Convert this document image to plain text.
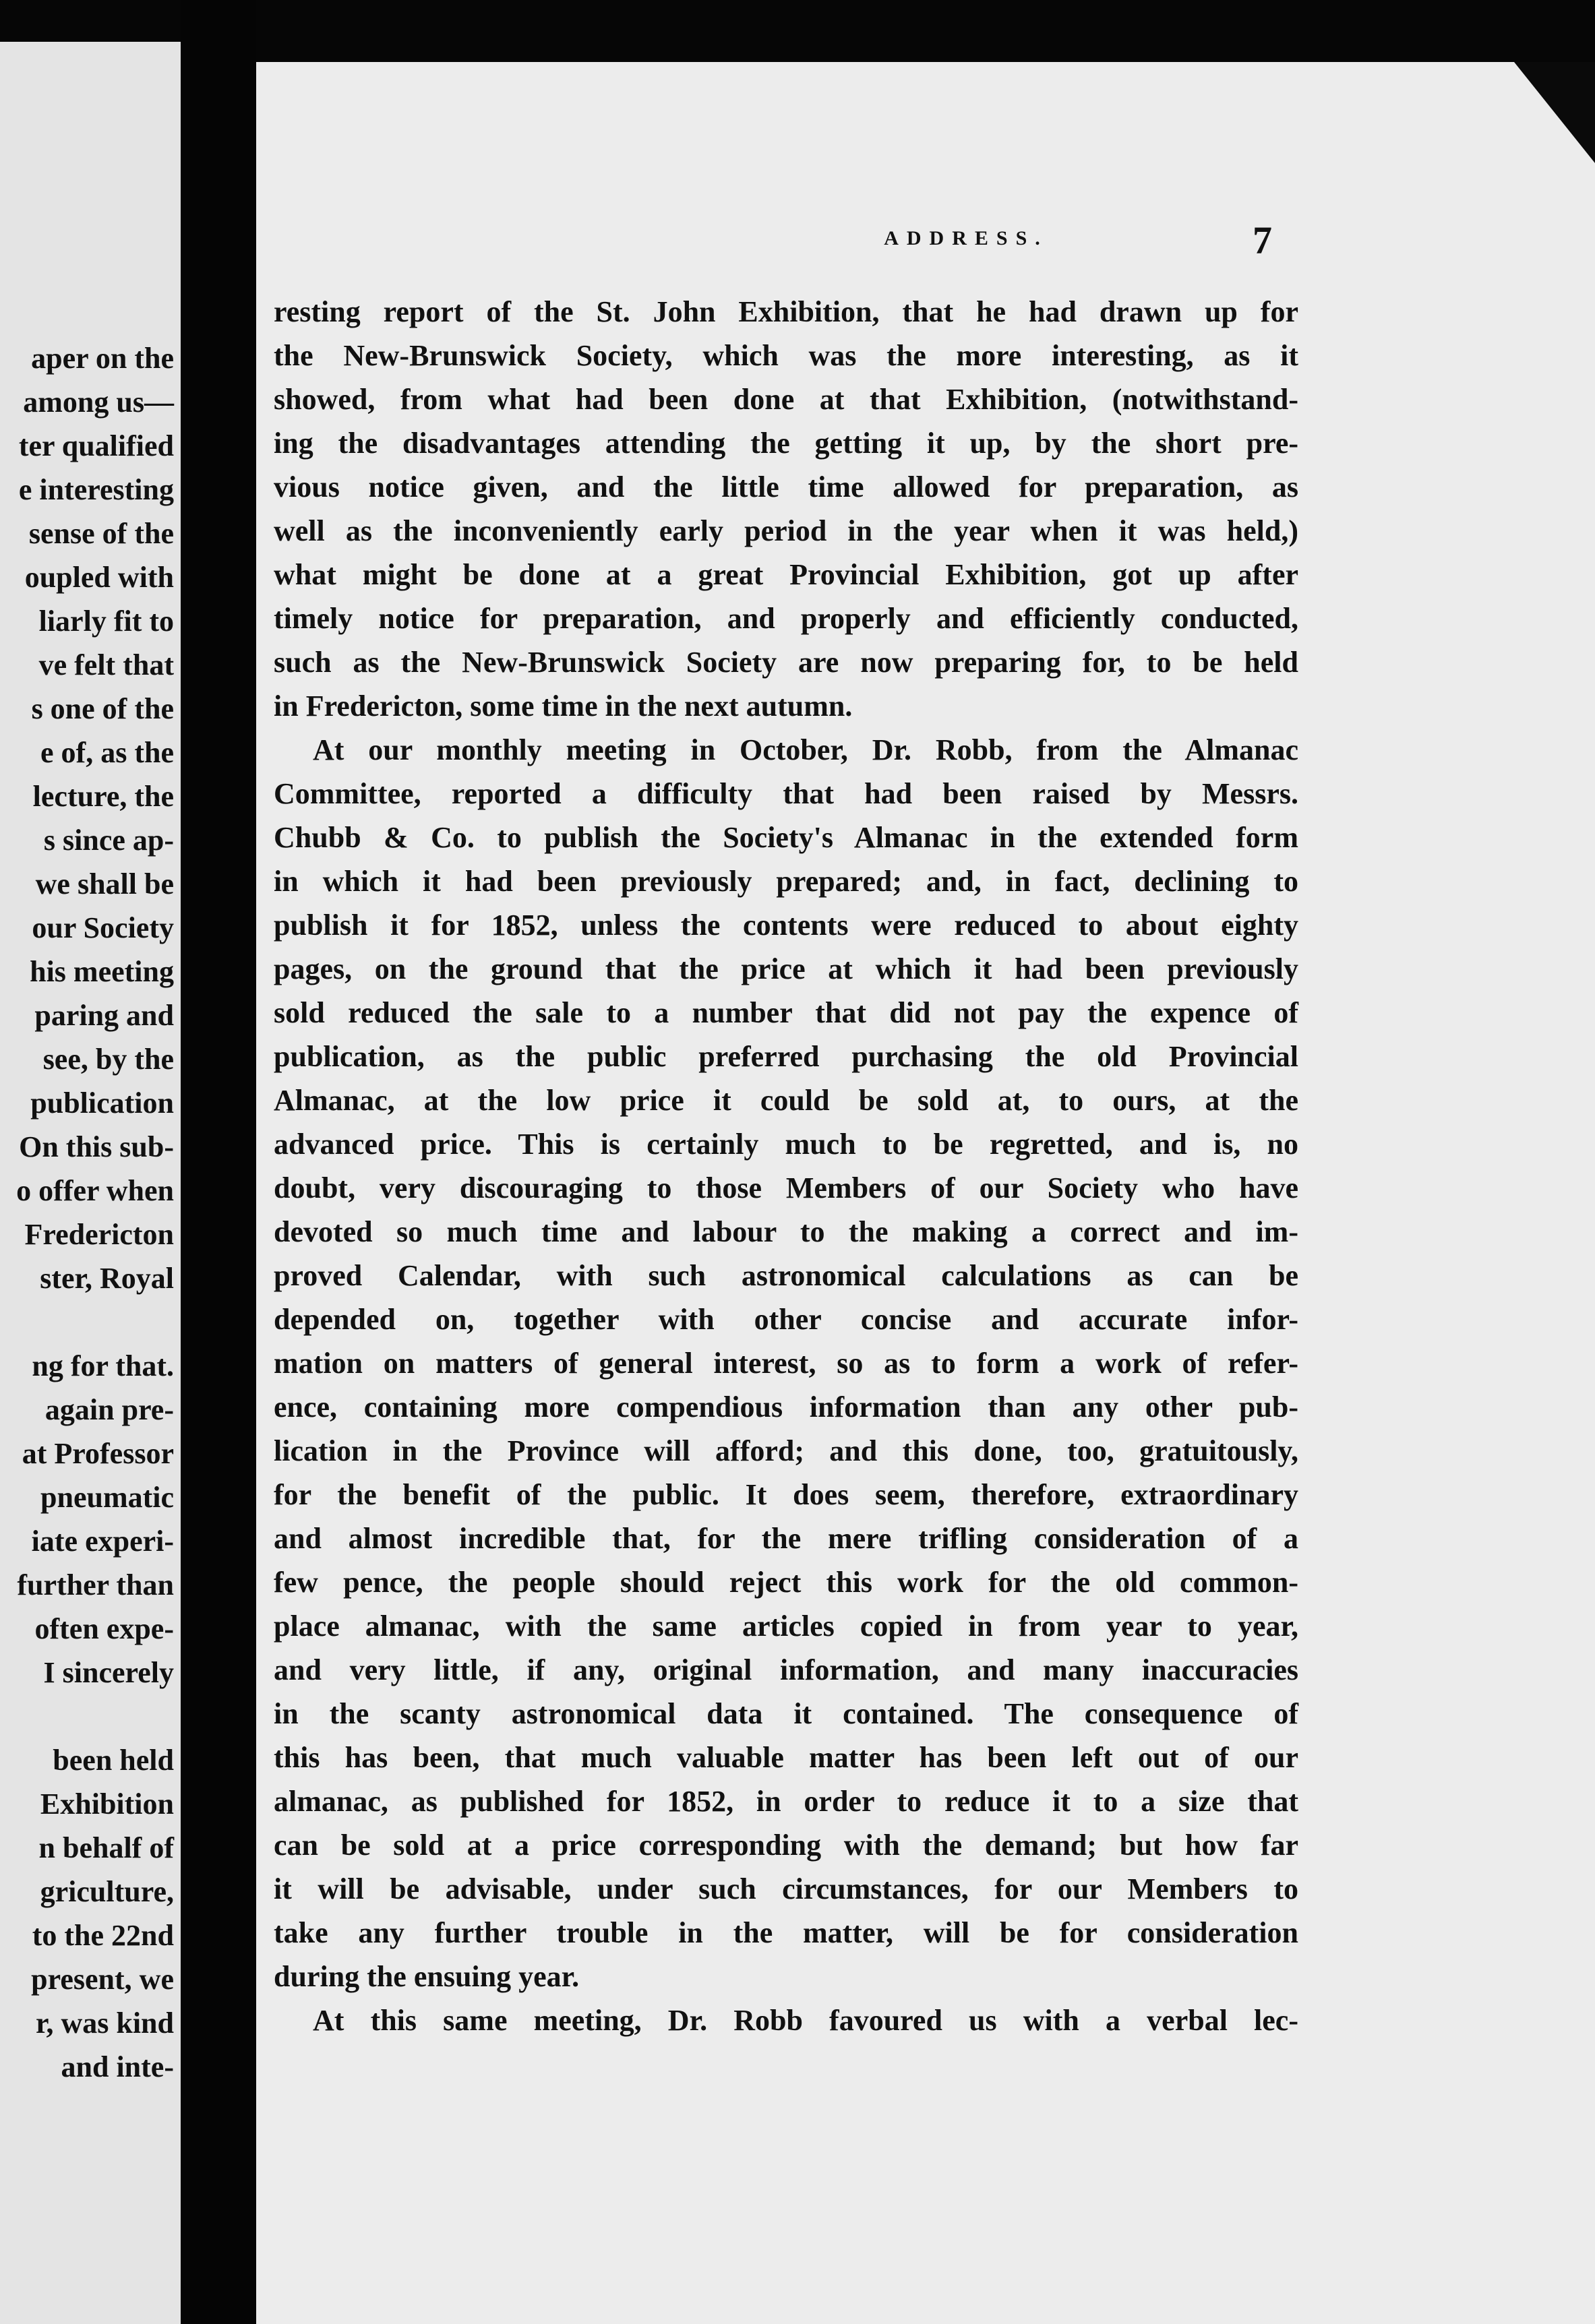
aper on the
among us—
ter qualified
e interesting
sense of the
oupled with
liarly fit to
ve felt that
s one of the
e of, as the
lecture, the
s since ap-
we shall be
our Society
his meeting
paring and
see, by the
publication
On this sub-
o offer when
Fredericton
ster, Royal
ng for that.
again pre-
at Professor
pneumatic
iate experi-
further than
often expe-
I sincerely
been held
Exhibition
n behalf of
griculture,
to the 22nd
present, we
r, was kind
and inte-
ADDRESS.	7
resting report of the St. John Exhibition, that he had drawn up for
the New-Brunswick Society, which was the more interesting, as it
showed, from what had been done at that Exhibition, (notwithstand-
ing the disadvantages attending the getting it up, by the short pre-
vious notice given, and the little time allowed for preparation, as
well as the inconveniently early period in the year when it was held,)
what might be done at a great Provincial Exhibition, got up after
timely notice for preparation, and properly and efficiently conducted,
such as the New-Brunswick Society are now preparing for, to be held
in Fredericton, some time in the next autumn.
At our monthly meeting in October, Dr. Robb, from the Almanac
Committee, reported a difficulty that had been raised by Messrs.
Chubb & Co. to publish the Society's Almanac in the extended form
in which it had been previously prepared; and, in fact, declining to
publish it for 1852, unless the contents were reduced to about eighty
pages, on the ground that the price at which it had been previously
sold reduced the sale to a number that did not pay the expence of
publication, as the public preferred purchasing the old Provincial
Almanac, at the low price it could be sold at, to ours, at the
advanced price. This is certainly much to be regretted, and is, no
doubt, very discouraging to those Members of our Society who have
devoted so much time and labour to the making a correct and im-
proved Calendar, with such astronomical calculations as can be
depended on, together with other concise and accurate infor-
mation on matters of general interest, so as to form a work of refer-
ence, containing more compendious information than any other pub-
lication in the Province will afford; and this done, too, gratuitously,
for the benefit of the public. It does seem, therefore, extraordinary
and almost incredible that, for the mere trifling consideration of a
few pence, the people should reject this work for the old common-
place almanac, with the same articles copied in from year to year,
and very little, if any, original information, and many inaccuracies
in the scanty astronomical data it contained. The consequence of
this has been, that much valuable matter has been left out of our
almanac, as published for 1852, in order to reduce it to a size that
can be sold at a price corresponding with the demand; but how far
it will be advisable, under such circumstances, for our Members to
take any further trouble in the matter, will be for consideration
during the ensuing year.
At this same meeting, Dr. Robb favoured us with a verbal lec-
